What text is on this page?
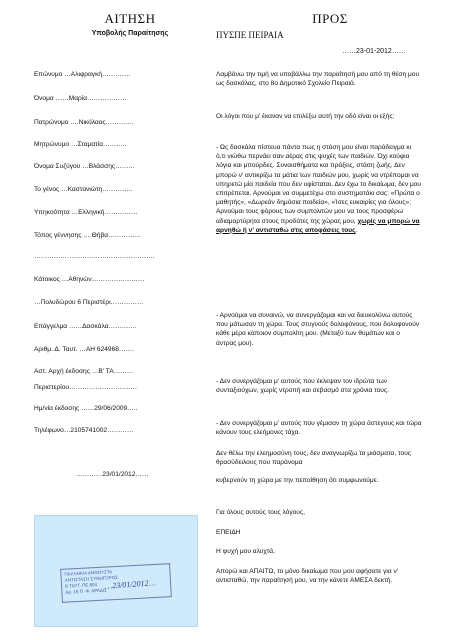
ΑΙΤΗΣΗ
Υποβολής Παραίτησης
ΠΡΟΣ
ΠΥΣΠΕ ΠΕΙΡΑΙΑ
……23-01-2012……
Επώνυμο …Αλιφραγκή………….
Όνομα ……Μαρία………………
Πατρώνυμο ….Νικόλαος………….
Μητρώνυμο …Σταματία………..
Όνομα Συζύγου …Βλάσσης………
Το γένος …Καστανιώτη…………..
Υπηκοότητα …Ελληνική……………
Τόπος γέννησης ….Θήβα……………
……………………………………………….
Κάτοικος …Αθηνών……………………
…Πολυδώρου 6 Περιστέρι……………
Επάγγελμα ……Δασκάλα………….
Αριθμ. Δ. Ταυτ. …ΑΗ 624968…….
Αστ. Αρχή έκδοσης …Β' ΤΑ………
Περιστερίου………………………….
Ημ/νία έκδοσης ……29/06/2009…..
Τηλέφωνο…2105741002…………
…………23/01/2012……
ΠΑΛΛΗΚΙΑ ΑΝΘΟΥΣΤΑ
ΑΝΤΙΣΤΑΣΗ ΣΥΝΗΓΟΡΟΣ
Β ΤΑΥΤ. ΠΕ 804
Αρ. 16 Π. Φ. ΑΡΑΔΩ
…23/01/2012…

Λαμβάνω την τιμή να υποβάλλω την παραίτησή μου από τη θέση μου ως δασκάλας, στο 8ο Δημοτικό Σχολείο Πειραιά.

Οι λόγοι που μ' έκαναν να επιλέξω αυτή την οδό είναι οι εξής:

- Ως δασκάλα πίστευα πάντα πως η στάση μου είναι παράδειγμα κι ό,τι νιώθω περνάει σαν αέρας στις ψυχές των παιδιών. Όχι κούφια λόγια και μπούρδες. Συναισθήματα και πράξεις, στάση ζωής. Δεν μπορώ ν' αντικρίζω τα μάτια των παιδιών μου, χωρίς να ντρέπομαι να υπηρετώ μία παιδεία που δεν υφίσταται. Δεν έχω το δικαίωμα, δεν μου επιτρέπεται. Αρνούμαι να συμμετέχω στο συστηματάκι σας: «Πρώτα ο μαθητής», «Δωρεάν δημόσια παιδεία», «Ίσες ευκαιρίες για όλους»; Αρνούμαι τους φόρους των συμπολιτών μου να τους προσφέρω αδιαμαρτύρητα στους προδότες της χώρας μου, χωρίς να μπορώ να αρνηθώ ή ν' αντισταθώ στις αποφάσεις τους.

- Αρνούμαι να συναινώ, να συνεργάζομαι και να διευκολύνω αυτούς που μάτωσαν τη χώρα. Τους στυγνούς δολοφόνους, που δολοφονούν κάθε μέρα κάποιον συμπολίτη μου. (Μεταξύ των θυμάτων και ο άντρας μου).

- Δεν συνεργάζομαι μ' αυτούς που έκλεψαν τον ιδρώτα των συνταξιούχων, χωρίς ντροπή και σεβασμό στα χρόνια τους.

- Δεν συνεργάζομαι μ' αυτούς που γέμισαν τη χώρα άστεγους και τώρα κάνουν τους ελεήμονες τάχα.

Δεν θέλω την ελεημοσύνη τους, δεν αναγνωρίζω τα μιάσματα, τους θρασύδειλους που παράνομα

κυβερνούν τη χώρα με την πεποίθηση ότι συμφωνούμε.

Για όλους αυτούς τους λόγους,

ΕΠΕΙΔΗ

Η ψυχή μου αλυχτά,

Απορώ και ΑΠΑΙΤΩ, το μόνο δικαίωμα που μου αφήσατε για ν' αντισταθώ, την παραίτησή μου, να την κάνετε ΑΜΕΣΑ δεκτή.
